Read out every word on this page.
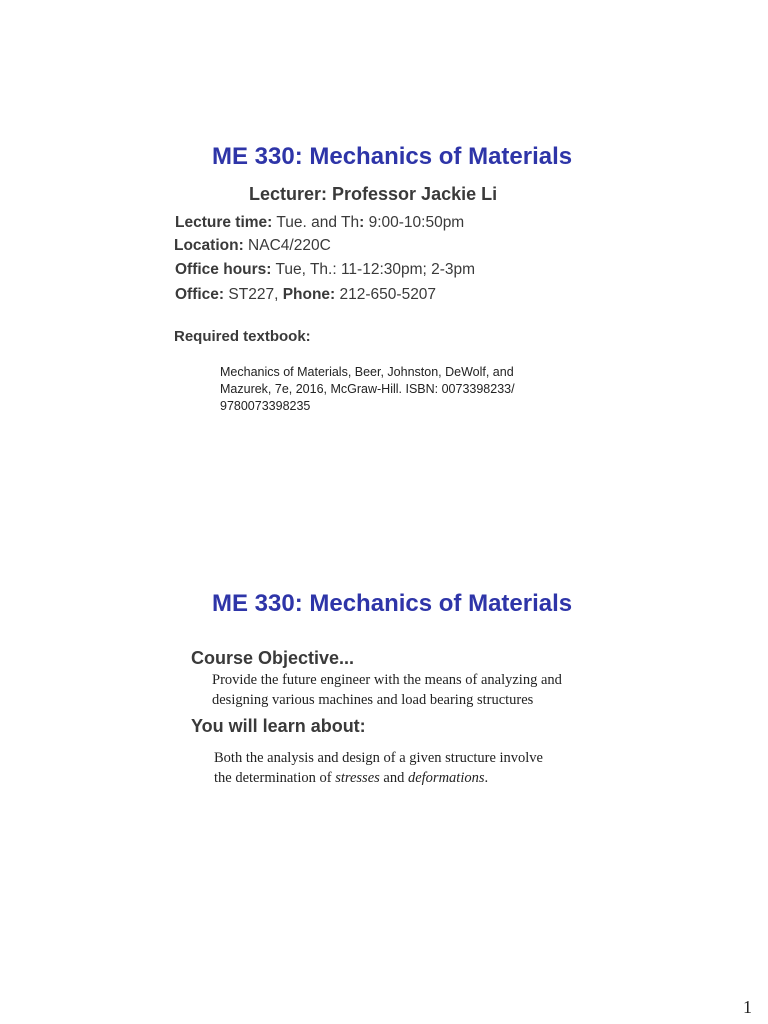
ME 330: Mechanics of Materials
Lecturer: Professor Jackie Li
Lecture time: Tue. and Th: 9:00-10:50pm
Location: NAC4/220C
Office hours: Tue, Th.: 11-12:30pm; 2-3pm
Office: ST227, Phone: 212-650-5207
Required textbook:
Mechanics of Materials, Beer, Johnston, DeWolf, and
Mazurek, 7e, 2016, McGraw-Hill. ISBN: 0073398233/
9780073398235
ME 330: Mechanics of Materials
Course Objective...
Provide the future engineer with the means of analyzing and
designing various machines and load bearing structures
You will learn about:
Both the analysis and design of a given structure involve
the determination of stresses and deformations.
1
